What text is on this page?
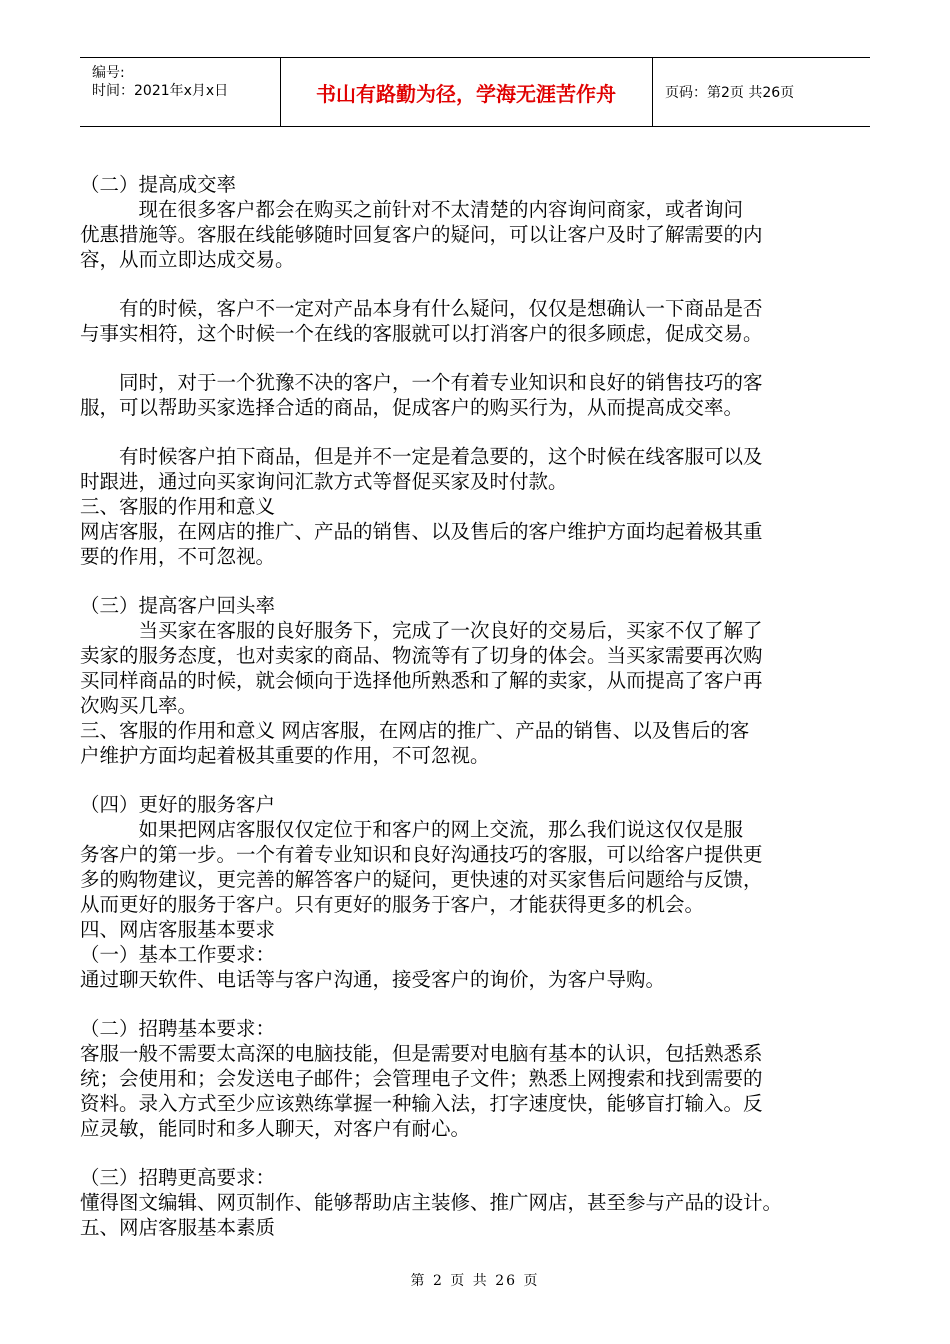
编号:
时间：2021年x月x日	书山有路勤为径，学海无涯苦作舟	页码：第2页 共26页
（二）提高成交率
　　　现在很多客户都会在购买之前针对不太清楚的内容询问商家，或者询问
优惠措施等。客服在线能够随时回复客户的疑问，可以让客户及时了解需要的内
容，从而立即达成交易。
　　有的时候，客户不一定对产品本身有什么疑问，仅仅是想确认一下商品是否
与事实相符，这个时候一个在线的客服就可以打消客户的很多顾虑，促成交易。
　　同时，对于一个犹豫不决的客户，一个有着专业知识和良好的销售技巧的客
服，可以帮助买家选择合适的商品，促成客户的购买行为，从而提高成交率。
　　有时候客户拍下商品，但是并不一定是着急要的，这个时候在线客服可以及
时跟进，通过向买家询问汇款方式等督促买家及时付款。
三、客服的作用和意义
网店客服，在网店的推广、产品的销售、以及售后的客户维护方面均起着极其重
要的作用，不可忽视。
（三）提高客户回头率
　　　当买家在客服的良好服务下，完成了一次良好的交易后，买家不仅了解了
卖家的服务态度，也对卖家的商品、物流等有了切身的体会。当买家需要再次购
买同样商品的时候，就会倾向于选择他所熟悉和了解的卖家，从而提高了客户再
次购买几率。
三、客服的作用和意义 网店客服，在网店的推广、产品的销售、以及售后的客
户维护方面均起着极其重要的作用，不可忽视。
（四）更好的服务客户
　　　如果把网店客服仅仅定位于和客户的网上交流，那么我们说这仅仅是服
务客户的第一步。一个有着专业知识和良好沟通技巧的客服，可以给客户提供更
多的购物建议，更完善的解答客户的疑问，更快速的对买家售后问题给与反馈，
从而更好的服务于客户。只有更好的服务于客户，才能获得更多的机会。
四、网店客服基本要求
（一）基本工作要求：
通过聊天软件、电话等与客户沟通，接受客户的询价，为客户导购。
（二）招聘基本要求：
客服一般不需要太高深的电脑技能，但是需要对电脑有基本的认识，包括熟悉系
统；会使用和；会发送电子邮件；会管理电子文件；熟悉上网搜索和找到需要的
资料。录入方式至少应该熟练掌握一种输入法，打字速度快，能够盲打输入。反
应灵敏，能同时和多人聊天，对客户有耐心。
（三）招聘更高要求：
懂得图文编辑、网页制作、能够帮助店主装修、推广网店，甚至参与产品的设计。
五、网店客服基本素质
第 2 页 共 26 页
